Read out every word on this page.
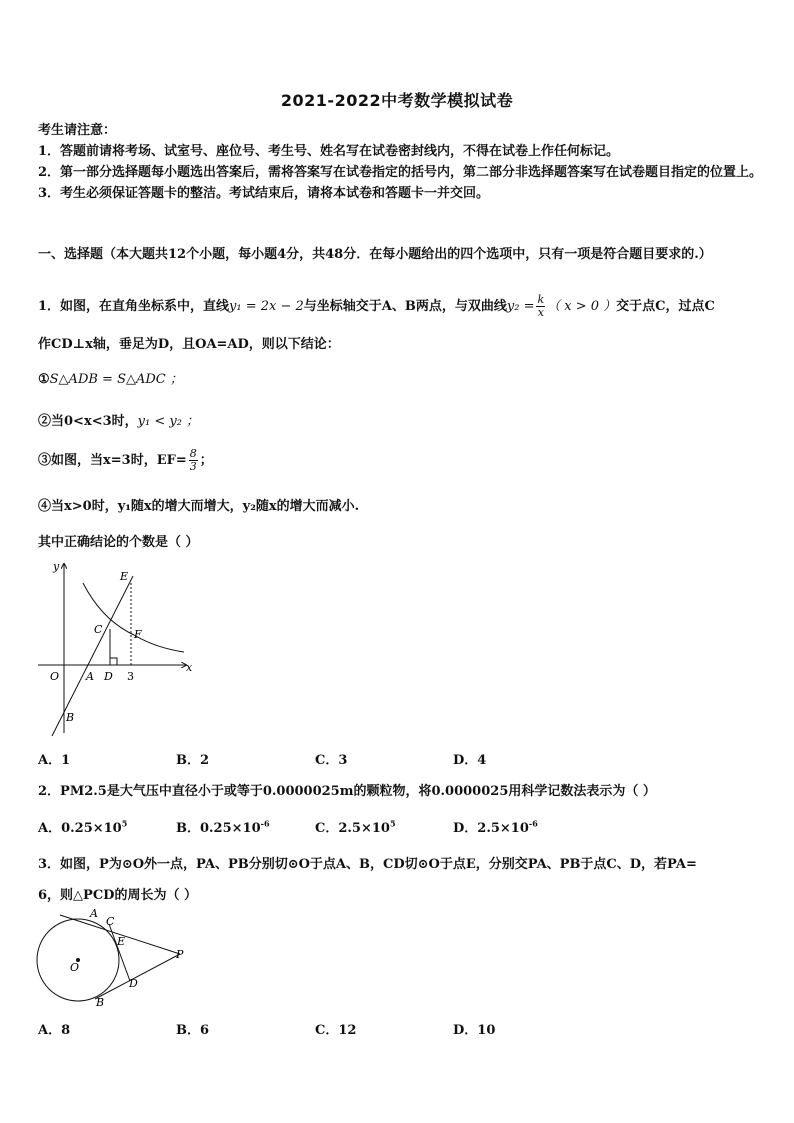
2021-2022中考数学模拟试卷
考生请注意：
1．答题前请将考场、试室号、座位号、考生号、姓名写在试卷密封线内，不得在试卷上作任何标记。
2．第一部分选择题每小题选出答案后，需将答案写在试卷指定的括号内，第二部分非选择题答案写在试卷题目指定的位置上。
3．考生必须保证答题卡的整洁。考试结束后，请将本试卷和答题卡一并交回。
一、选择题（本大题共12个小题，每小题4分，共48分．在每小题给出的四个选项中，只有一项是符合题目要求的.）
1．如图，在直角坐标系中，直线y₁ = 2x − 2与坐标轴交于A、B两点，与双曲线$y_2 = \frac{k}{x}$ （ x > 0 ）交于点C，过点C
作CD⊥x轴，垂足为D，且OA=AD，则以下结论：
①S△ADB = S△ADC ；
②当0<x<3时，y₁ < y₂ ；
③如图，当x=3时，$EF= \frac{8}{3}$ ；
④当x>0时，y₁随x的增大而增大，y₂随x的增大而减小.
其中正确结论的个数是（ ）
y
x
E
C	F
O A D 3
B
A．1	B．2	C．3	D．4
2．PM2.5是大气压中直径小于或等于0.0000025m的颗粒物，将0.0000025用科学记数法表示为（ ）
A．$0.25\times 10^5$	B．$0.25\times 10^{-6}$	C．$2.5\times 10^5$	D．$2.5\times 10^{-6}$
3．如图，P为⊙O外一点，PA、PB分别切⊙O于点A、B，CD切⊙O于点E，分别交PA、PB于点C、D，若PA=
6，则△PCD的周长为（ ）
A
C
E
P
O
D
B
A．8	B．6	C．12	D．10
